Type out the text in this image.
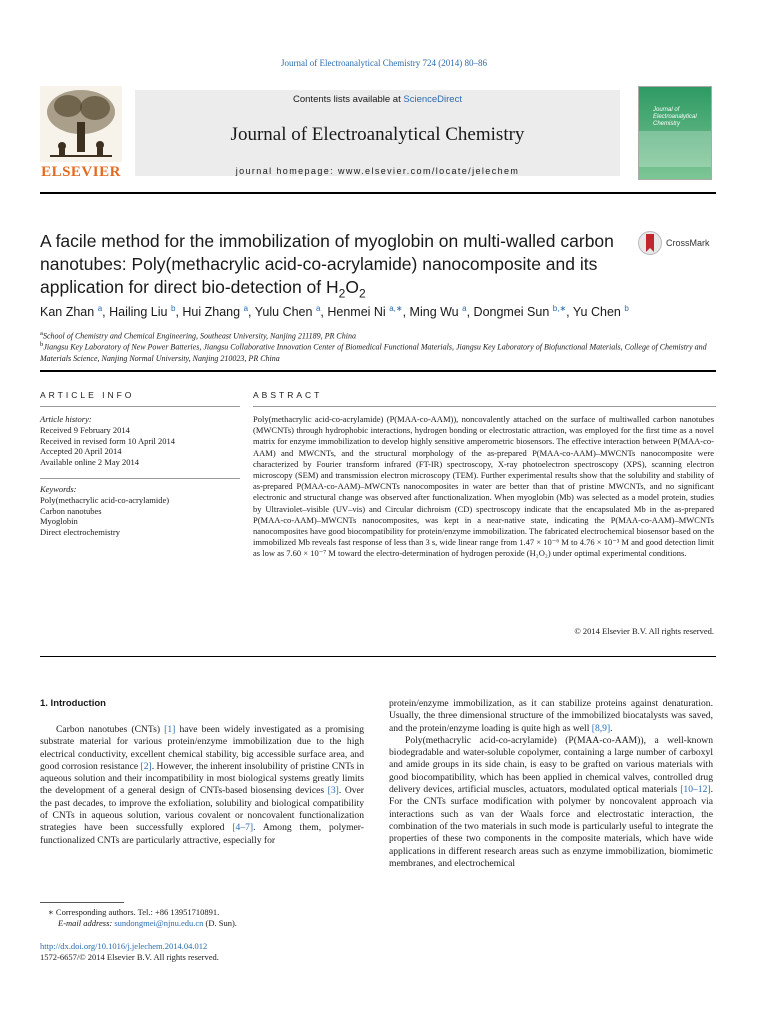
Journal of Electroanalytical Chemistry 724 (2014) 80–86
ELSEVIER
Contents lists available at ScienceDirect
Journal of Electroanalytical Chemistry
journal homepage: www.elsevier.com/locate/jelechem
Journal of Electroanalytical Chemistry
A facile method for the immobilization of myoglobin on multi-walled carbon nanotubes: Poly(methacrylic acid-co-acrylamide) nanocomposite and its application for direct bio-detection of $H_2O_2$
CrossMark
Kan Zhan $^a$, Hailing Liu $^b$, Hui Zhang $^a$, Yulu Chen $^a$, Henmei Ni $^{a,∗}$, Ming Wu $^a$, Dongmei Sun $^{b,∗}$, Yu Chen $^b$
$^a$School of Chemistry and Chemical Engineering, Southeast University, Nanjing 211189, PR China
$^b$Jiangsu Key Laboratory of New Power Batteries, Jiangsu Collaborative Innovation Center of Biomedical Functional Materials, Jiangsu Key Laboratory of Biofunctional Materials, College of Chemistry and Materials Science, Nanjing Normal University, Nanjing 210023, PR China
ARTICLE INFO	ABSTRACT
Article history:
Received 9 February 2014
Received in revised form 10 April 2014
Accepted 20 April 2014
Available online 2 May 2014
Keywords:
Poly(methacrylic acid-co-acrylamide)
Carbon nanotubes
Myoglobin
Direct electrochemistry
Poly(methacrylic acid-co-acrylamide) (P(MAA-co-AAM)), noncovalently attached on the surface of multiwalled carbon nanotubes (MWCNTs) through hydrophobic interactions, hydrogen bonding or electrostatic attraction, was employed for the first time as a novel matrix for enzyme immobilization to develop highly sensitive amperometric biosensors. The effective interaction between P(MAA-co-AAM) and MWCNTs, and the structural morphology of the as-prepared P(MAA-co-AAM)–MWCNTs nanocomposite were characterized by Fourier transform infrared (FT-IR) spectroscopy, X-ray photoelectron spectroscopy (XPS), scanning electron microscopy (SEM) and transmission electron microscopy (TEM). Further experimental results show that the solubility and stability of as-prepared P(MAA-co-AAM)–MWCNTs nanocomposites in water are better than that of pristine MWCNTs, and no significant electronic and structural change was observed after functionalization. When myoglobin (Mb) was selected as a model protein, studies by Ultraviolet–visible (UV–vis) and Circular dichroism (CD) spectroscopy indicate that the encapsulated Mb in the as-prepared P(MAA-co-AAM)–MWCNTs nanocomposites, was kept in a near-native state, indicating the P(MAA-co-AAM)–MWCNTs nanocomposites have good biocompatibility for protein/enzyme immobilization. The fabricated electrochemical biosensor based on the immobilized Mb reveals fast response of less than 3 s, wide linear range from 1.47 × 10⁻⁶ M to 4.76 × 10⁻³ M and good detection limit as low as 7.60 × 10⁻⁷ M toward the electro-determination of hydrogen peroxide (H₂O₂) under optimal experimental conditions.
© 2014 Elsevier B.V. All rights reserved.
1. Introduction
Carbon nanotubes (CNTs) [1] have been widely investigated as a promising substrate material for various protein/enzyme immobilization due to the high electrical conductivity, excellent chemical stability, big accessible surface area, and good corrosion resistance [2]. However, the inherent insolubility of pristine CNTs in aqueous solution and their incompatibility in most biological systems greatly limits the development of a general design of CNTs-based biosensing devices [3]. Over the past decades, to improve the exfoliation, solubility and biological compatibility of CNTs in aqueous solution, various covalent or noncovalent functionalization strategies have been successfully explored [4–7]. Among them, polymer-functionalized CNTs are particularly attractive, especially for
protein/enzyme immobilization, as it can stabilize proteins against denaturation. Usually, the three dimensional structure of the immobilized biocatalysts was saved, and the protein/enzyme loading is quite high as well [8,9].
Poly(methacrylic acid-co-acrylamide) (P(MAA-co-AAM)), a well-known biodegradable and water-soluble copolymer, containing a large number of carboxyl and amide groups in its side chain, is easy to be grafted on various materials with good biocompatibility, which has been applied in chemical valves, controlled drug delivery devices, artificial muscles, actuators, modulated optical materials [10–12]. For the CNTs surface modification with polymer by noncovalent approach via interactions such as van der Waals force and electrostatic interaction, the combination of the two materials in such mode is particularly useful to integrate the properties of these two components in the composite materials, which have wide applications in different research areas such as enzyme immobilization, biomimetic membranes, and electrochemical
∗ Corresponding authors. Tel.: +86 13951710891.
E-mail address: sundongmei@njnu.edu.cn (D. Sun).
http://dx.doi.org/10.1016/j.jelechem.2014.04.012
1572-6657/© 2014 Elsevier B.V. All rights reserved.
